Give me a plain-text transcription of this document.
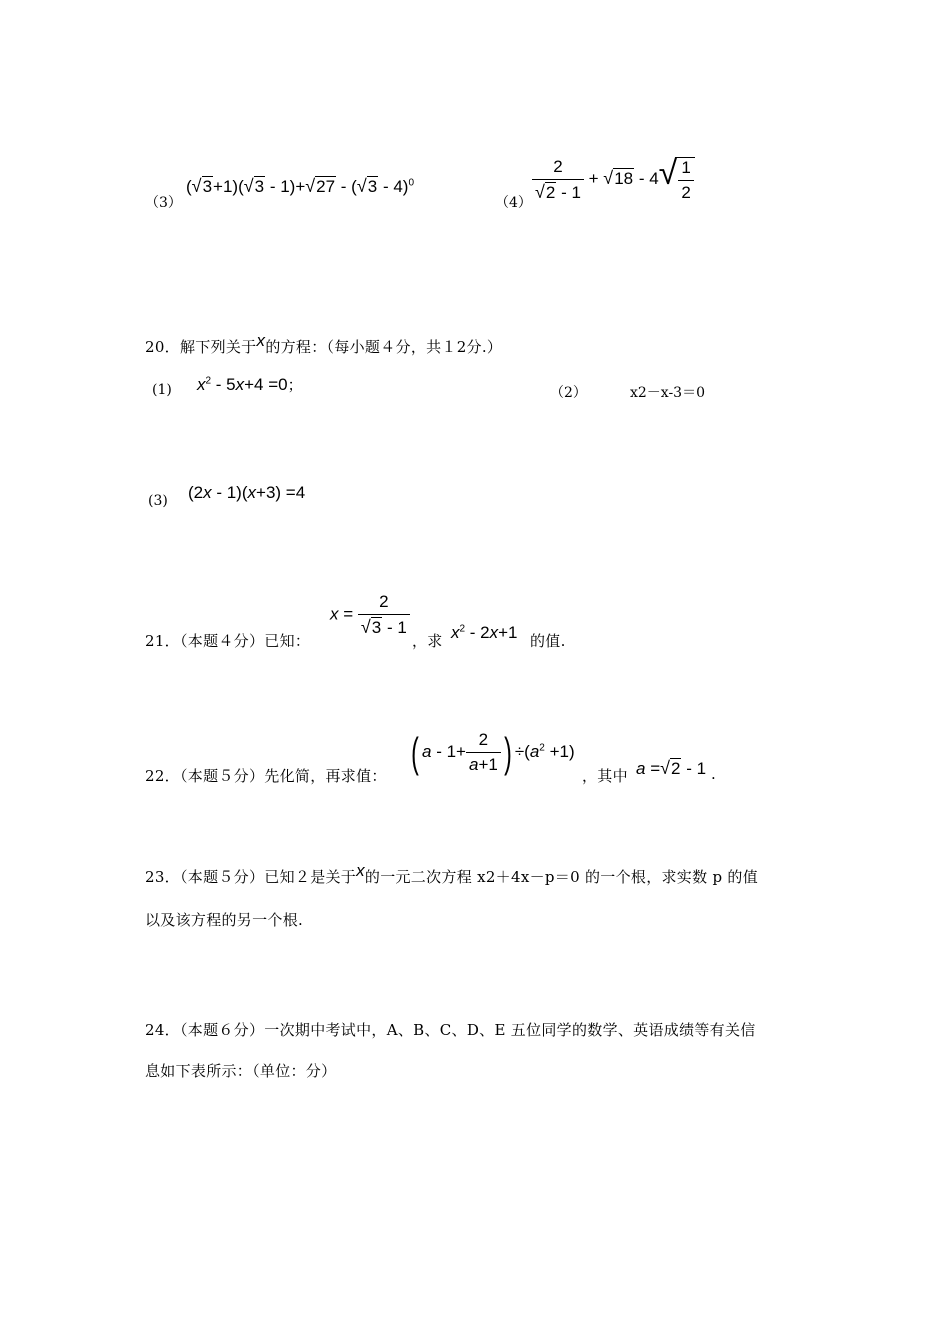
（3）
(√3+1)(√3 - 1)+√27 - (√3 - 4)$^0$
（4）
$\frac{2}{√2 - 1} + √18 - 4√ \frac{1}{2}$
20．解下列关于x的方程：（每小题４分，共１2分.）
(1) $x^2 - 5x+4 =0$；	（2）	x2－x-3＝0
(3) (2x - 1)(x+3) =4
21．（本题４分）已知：
$x = \frac{2}{√3 - 1}$
，求 $x^2 - 2x+1$ 的值.
22．（本题５分）先化简，再求值：
( $a - 1+ \frac{2}{a+1}$ ) $\div(a^2 +1)$
，其中 a =√2 - 1 .
23．（本题５分）已知２是关于x的一元二次方程 x2＋4x－p＝0 的一个根，求实数 p 的值
以及该方程的另一个根.
24．（本题６分）一次期中考试中，A、B、C、D、E 五位同学的数学、英语成绩等有关信
息如下表所示：（单位：分）
